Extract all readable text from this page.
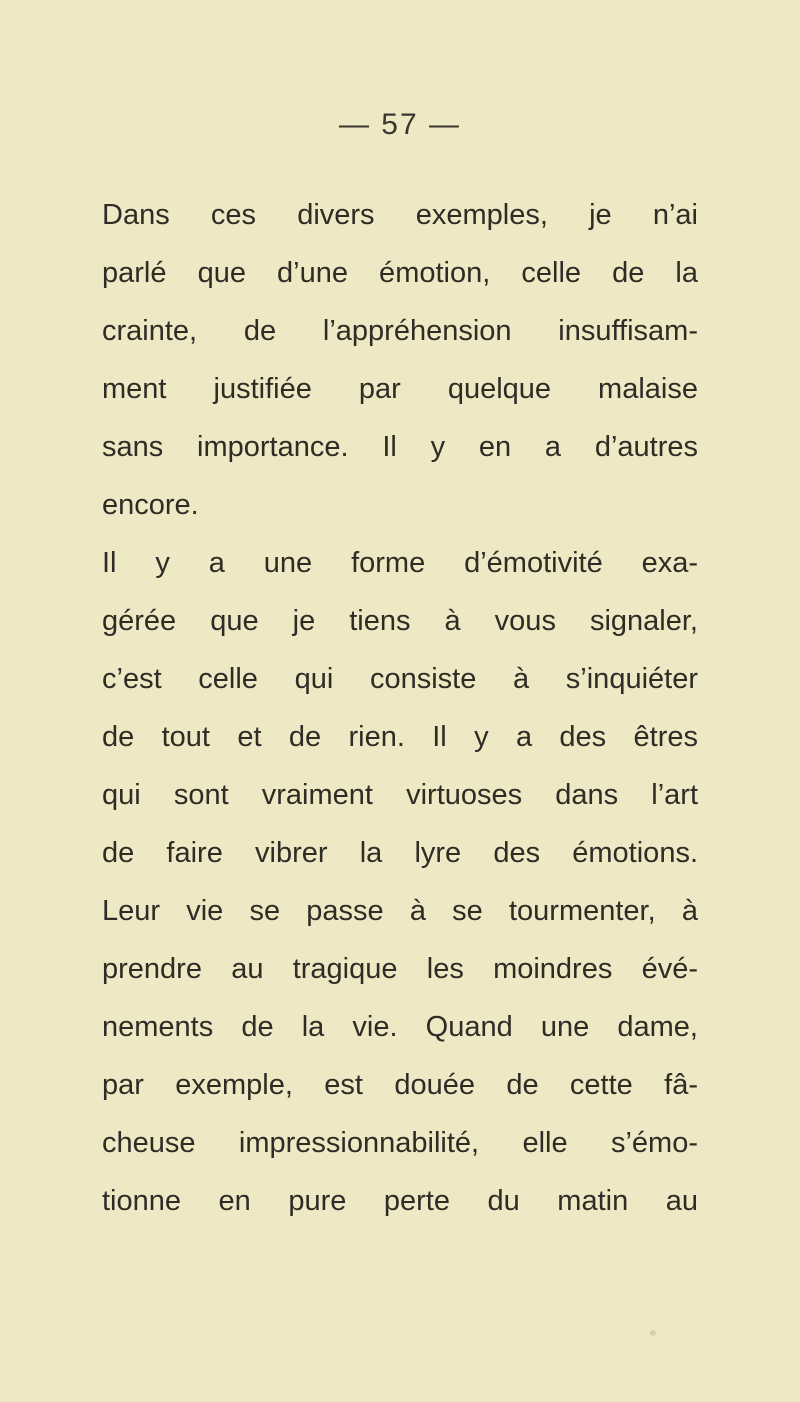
— 57 —
Dans ces divers exemples, je n’ai
parlé que d’une émotion, celle de la
crainte, de l’appréhension insuffisam-
ment justifiée par quelque malaise
sans importance. Il y en a d’autres
encore.
Il y a une forme d’émotivité exa-
gérée que je tiens à vous signaler,
c’est celle qui consiste à s’inquiéter
de tout et de rien. Il y a des êtres
qui sont vraiment virtuoses dans l’art
de faire vibrer la lyre des émotions.
Leur vie se passe à se tourmenter, à
prendre au tragique les moindres évé-
nements de la vie. Quand une dame,
par exemple, est douée de cette fâ-
cheuse impressionnabilité, elle s’émo-
tionne en pure perte du matin au
